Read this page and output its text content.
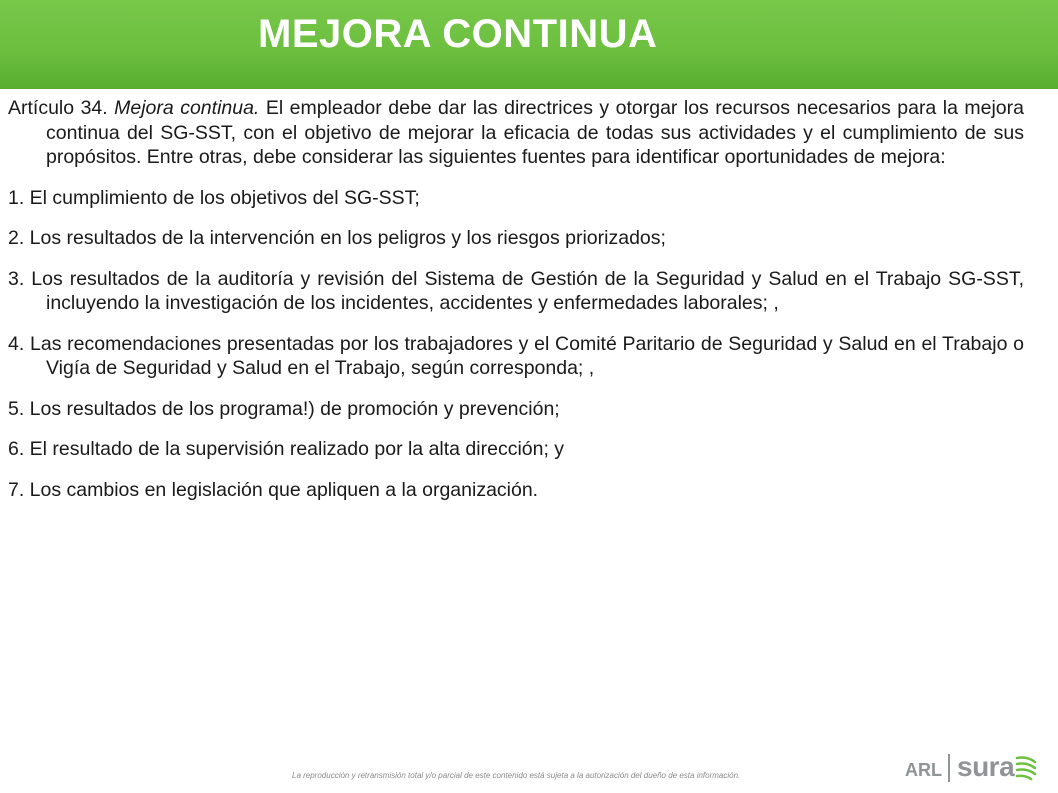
MEJORA CONTINUA

Artículo 34. Mejora continua. El empleador debe dar las directrices y otorgar los recursos necesarios para la mejora continua del SG-SST, con el objetivo de mejorar la eficacia de todas sus actividades y el cumplimiento de sus propósitos. Entre otras, debe considerar las siguientes fuentes para identificar oportunidades de mejora:

1. El cumplimiento de los objetivos del SG-SST;

2. Los resultados de la intervención en los peligros y los riesgos priorizados;

3. Los resultados de la auditoría y revisión del Sistema de Gestión de la Seguridad y Salud en el Trabajo SG-SST, incluyendo la investigación de los incidentes, accidentes y enfermedades laborales; ,

4. Las recomendaciones presentadas por los trabajadores y el Comité Paritario de Seguridad y Salud en el Trabajo o Vigía de Seguridad y Salud en el Trabajo, según corresponda; ,

5. Los resultados de los programa!) de promoción y prevención;

6. El resultado de la supervisión realizado por la alta dirección; y

7. Los cambios en legislación que apliquen a la organización.

La reproducción y retransmisión total y/o parcial de este contenido está sujeta a la autorización del dueño de esta información.	ARL sura
